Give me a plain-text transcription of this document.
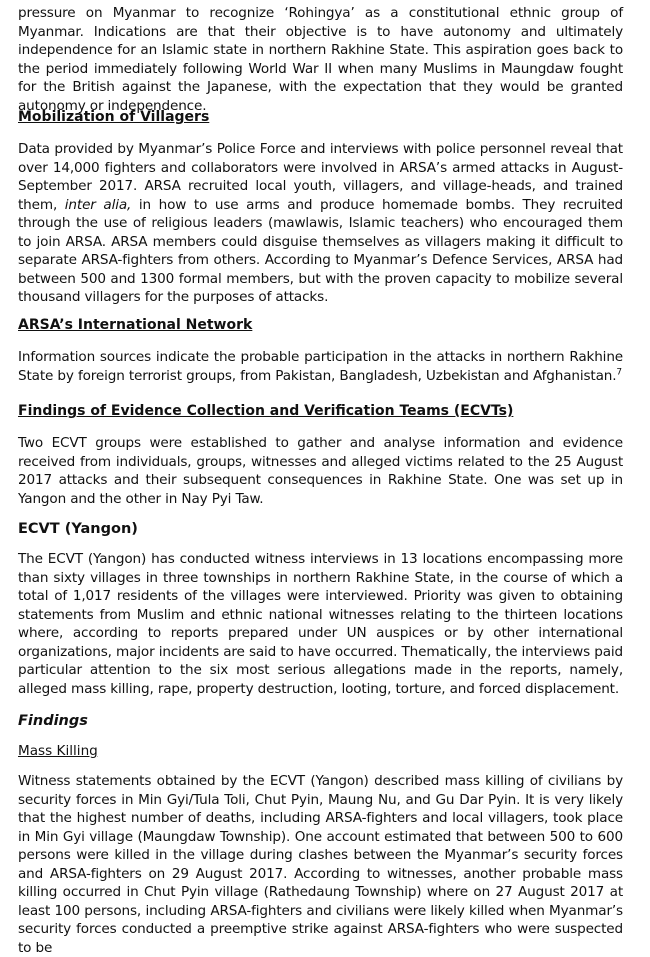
pressure on Myanmar to recognize ‘Rohingya’ as a constitutional ethnic group of Myanmar. Indications are that their objective is to have autonomy and ultimately independence for an Islamic state in northern Rakhine State. This aspiration goes back to the period immediately following World War II when many Muslims in Maungdaw fought for the British against the Japanese, with the expectation that they would be granted autonomy or independence.

Mobilization of Villagers

Data provided by Myanmar’s Police Force and interviews with police personnel reveal that over 14,000 fighters and collaborators were involved in ARSA’s armed attacks in August-September 2017. ARSA recruited local youth, villagers, and village-heads, and trained them, inter alia, in how to use arms and produce homemade bombs. They recruited through the use of religious leaders (mawlawis, Islamic teachers) who encouraged them to join ARSA. ARSA members could disguise themselves as villagers making it difficult to separate ARSA-fighters from others. According to Myanmar’s Defence Services, ARSA had between 500 and 1300 formal members, but with the proven capacity to mobilize several thousand villagers for the purposes of attacks.

ARSA’s International Network

Information sources indicate the probable participation in the attacks in northern Rakhine State by foreign terrorist groups, from Pakistan, Bangladesh, Uzbekistan and Afghanistan.$^7$

Findings of Evidence Collection and Verification Teams (ECVTs)

Two ECVT groups were established to gather and analyse information and evidence received from individuals, groups, witnesses and alleged victims related to the 25 August 2017 attacks and their subsequent consequences in Rakhine State. One was set up in Yangon and the other in Nay Pyi Taw.

ECVT (Yangon)

The ECVT (Yangon) has conducted witness interviews in 13 locations encompassing more than sixty villages in three townships in northern Rakhine State, in the course of which a total of 1,017 residents of the villages were interviewed. Priority was given to obtaining statements from Muslim and ethnic national witnesses relating to the thirteen locations where, according to reports prepared under UN auspices or by other international organizations, major incidents are said to have occurred. Thematically, the interviews paid particular attention to the six most serious allegations made in the reports, namely, alleged mass killing, rape, property destruction, looting, torture, and forced displacement.

Findings
Mass Killing

Witness statements obtained by the ECVT (Yangon) described mass killing of civilians by security forces in Min Gyi/Tula Toli, Chut Pyin, Maung Nu, and Gu Dar Pyin. It is very likely that the highest number of deaths, including ARSA-fighters and local villagers, took place in Min Gyi village (Maungdaw Township). One account estimated that between 500 to 600 persons were killed in the village during clashes between the Myanmar’s security forces and ARSA-fighters on 29 August 2017. According to witnesses, another probable mass killing occurred in Chut Pyin village (Rathedaung Township) where on 27 August 2017 at least 100 persons, including ARSA-fighters and civilians were likely killed when Myanmar’s security forces conducted a preemptive strike against ARSA-fighters who were suspected to be
